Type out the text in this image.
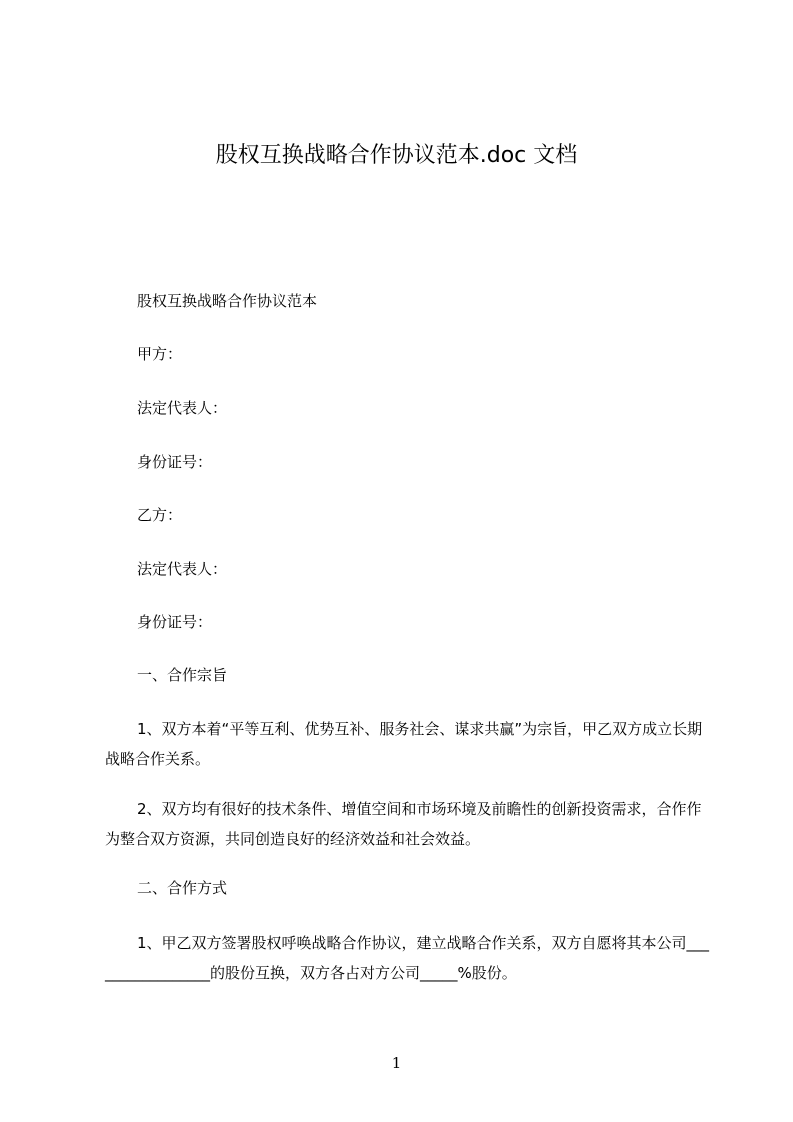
股权互换战略合作协议范本.doc 文档
股权互换战略合作协议范本
甲方：
法定代表人：
身份证号：
乙方：
法定代表人：
身份证号：
一、合作宗旨
1、双方本着“平等互利、优势互补、服务社会、谋求共赢”为宗旨，甲乙双方成立长期战略合作关系。
2、双方均有很好的技术条件、增值空间和市场环境及前瞻性的创新投资需求，合作作为整合双方资源，共同创造良好的经济效益和社会效益。
二、合作方式
1、甲乙双方签署股权呼唤战略合作协议，建立战略合作关系，双方自愿将其本公司_________________的股份互换，双方各占对方公司_____%股份。
1
